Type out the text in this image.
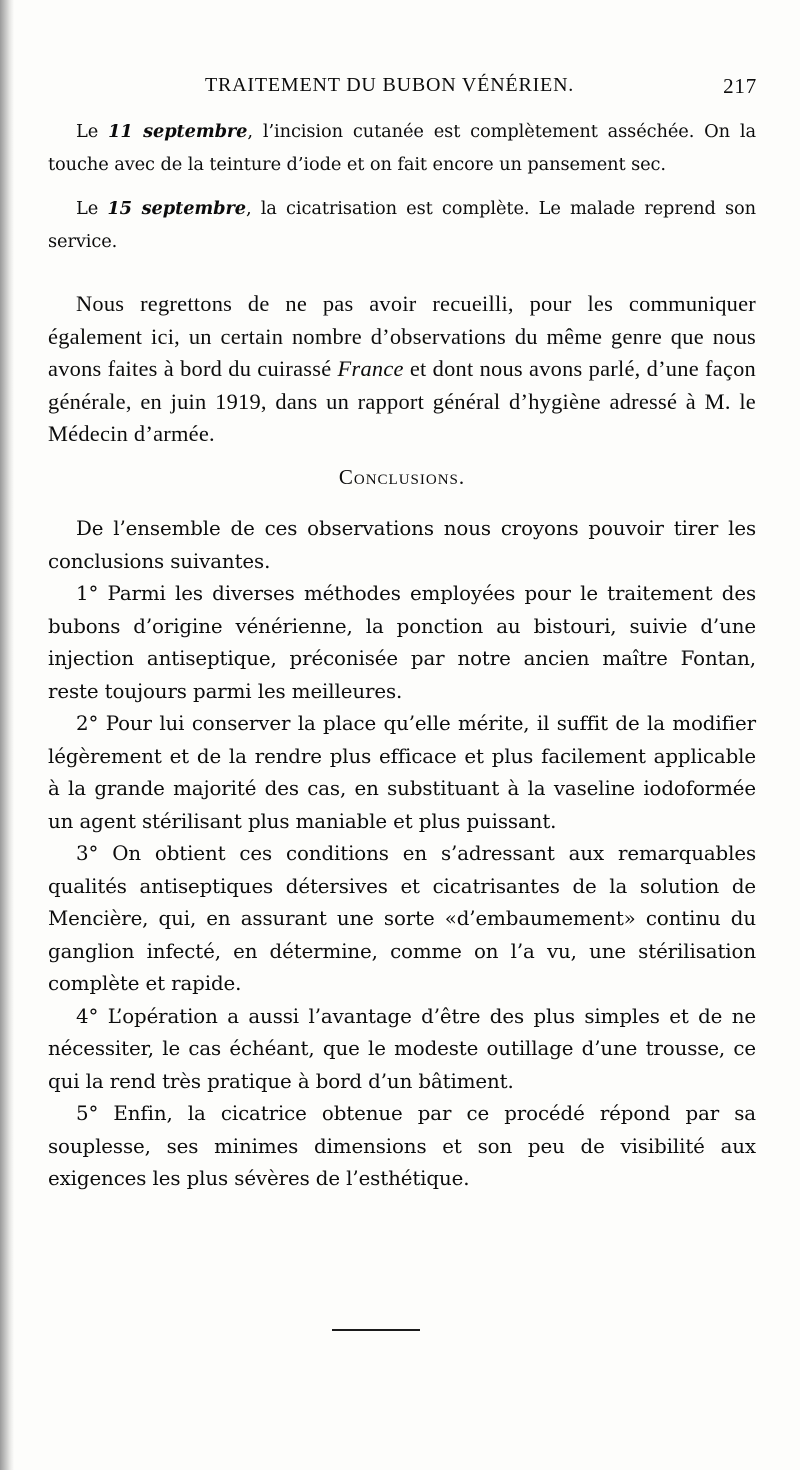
TRAITEMENT DU BUBON VÉNÉRIEN.	217

Le 11 septembre, l’incision cutanée est complètement asséchée. On la touche avec de la teinture d’iode et on fait encore un pansement sec.

Le 15 septembre, la cicatrisation est complète. Le malade reprend son service.

Nous regrettons de ne pas avoir recueilli, pour les communiquer également ici, un certain nombre d’observations du même genre que nous avons faites à bord du cuirassé France et dont nous avons parlé, d’une façon générale, en juin 1919, dans un rapport général d’hygiène adressé à M. le Médecin d’armée.

Conclusions.

De l’ensemble de ces observations nous croyons pouvoir tirer les conclusions suivantes.

1° Parmi les diverses méthodes employées pour le traitement des bubons d’origine vénérienne, la ponction au bistouri, suivie d’une injection antiseptique, préconisée par notre ancien maître Fontan, reste toujours parmi les meilleures.

2° Pour lui conserver la place qu’elle mérite, il suffit de la modifier légèrement et de la rendre plus efficace et plus facilement applicable à la grande majorité des cas, en substituant à la vaseline iodoformée un agent stérilisant plus maniable et plus puissant.

3° On obtient ces conditions en s’adressant aux remarquables qualités antiseptiques détersives et cicatrisantes de la solution de Mencière, qui, en assurant une sorte «d’embaumement» continu du ganglion infecté, en détermine, comme on l’a vu, une stérilisation complète et rapide.

4° L’opération a aussi l’avantage d’être des plus simples et de ne nécessiter, le cas échéant, que le modeste outillage d’une trousse, ce qui la rend très pratique à bord d’un bâtiment.

5° Enfin, la cicatrice obtenue par ce procédé répond par sa souplesse, ses minimes dimensions et son peu de visibilité aux exigences les plus sévères de l’esthétique.
